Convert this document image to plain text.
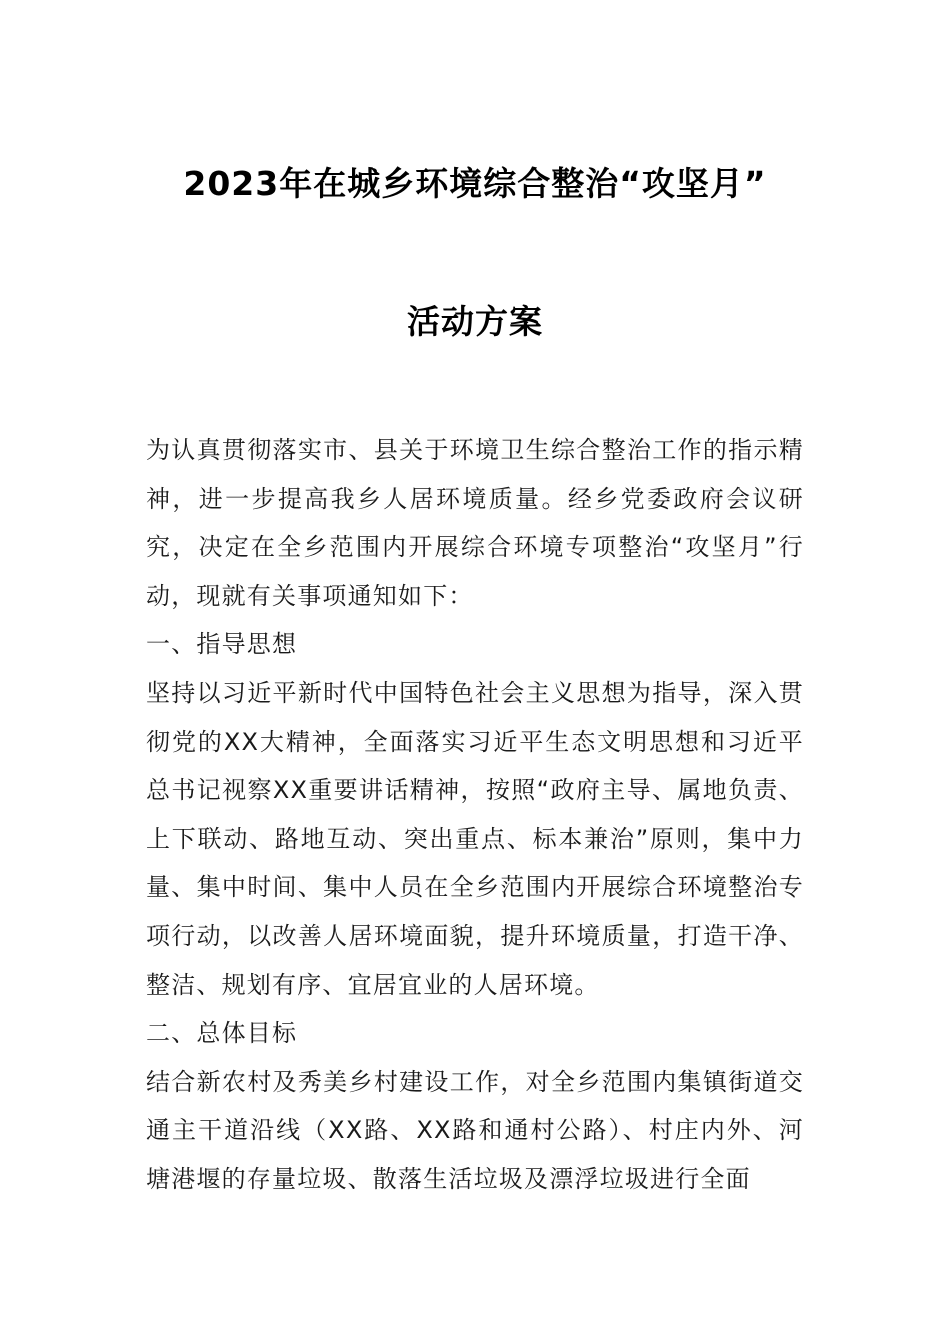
2023年在城乡环境综合整治“攻坚月”
活动方案

为认真贯彻落实市、县关于环境卫生综合整治工作的指示精神，进一步提高我乡人居环境质量。经乡党委政府会议研究，决定在全乡范围内开展综合环境专项整治“攻坚月”行动，现就有关事项通知如下：

一、指导思想

坚持以习近平新时代中国特色社会主义思想为指导，深入贯彻党的XX大精神，全面落实习近平生态文明思想和习近平总书记视察XX重要讲话精神，按照“政府主导、属地负责、上下联动、路地互动、突出重点、标本兼治”原则，集中力量、集中时间、集中人员在全乡范围内开展综合环境整治专项行动，以改善人居环境面貌，提升环境质量，打造干净、整洁、规划有序、宜居宜业的人居环境。

二、总体目标

结合新农村及秀美乡村建设工作，对全乡范围内集镇街道交通主干道沿线（XX路、XX路和通村公路）、村庄内外、河塘港堰的存量垃圾、散落生活垃圾及漂浮垃圾进行全面
